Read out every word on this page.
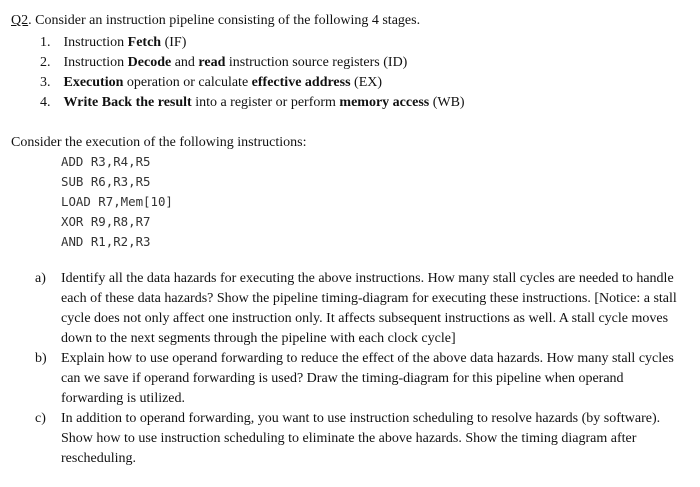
Q2. Consider an instruction pipeline consisting of the following 4 stages.
1. Instruction Fetch (IF)
2. Instruction Decode and read instruction source registers (ID)
3. Execution operation or calculate effective address (EX)
4. Write Back the result into a register or perform memory access (WB)
Consider the execution of the following instructions:
ADD R3,R4,R5
SUB R6,R3,R5
LOAD R7,Mem[10]
XOR R9,R8,R7
AND R1,R2,R3
a) Identify all the data hazards for executing the above instructions. How many stall cycles are needed to handle each of these data hazards? Show the pipeline timing-diagram for executing these instructions. [Notice: a stall cycle does not only affect one instruction only. It affects subsequent instructions as well. A stall cycle moves down to the next segments through the pipeline with each clock cycle]
b) Explain how to use operand forwarding to reduce the effect of the above data hazards. How many stall cycles can we save if operand forwarding is used? Draw the timing-diagram for this pipeline when operand forwarding is utilized.
c) In addition to operand forwarding, you want to use instruction scheduling to resolve hazards (by software). Show how to use instruction scheduling to eliminate the above hazards. Show the timing diagram after rescheduling.
